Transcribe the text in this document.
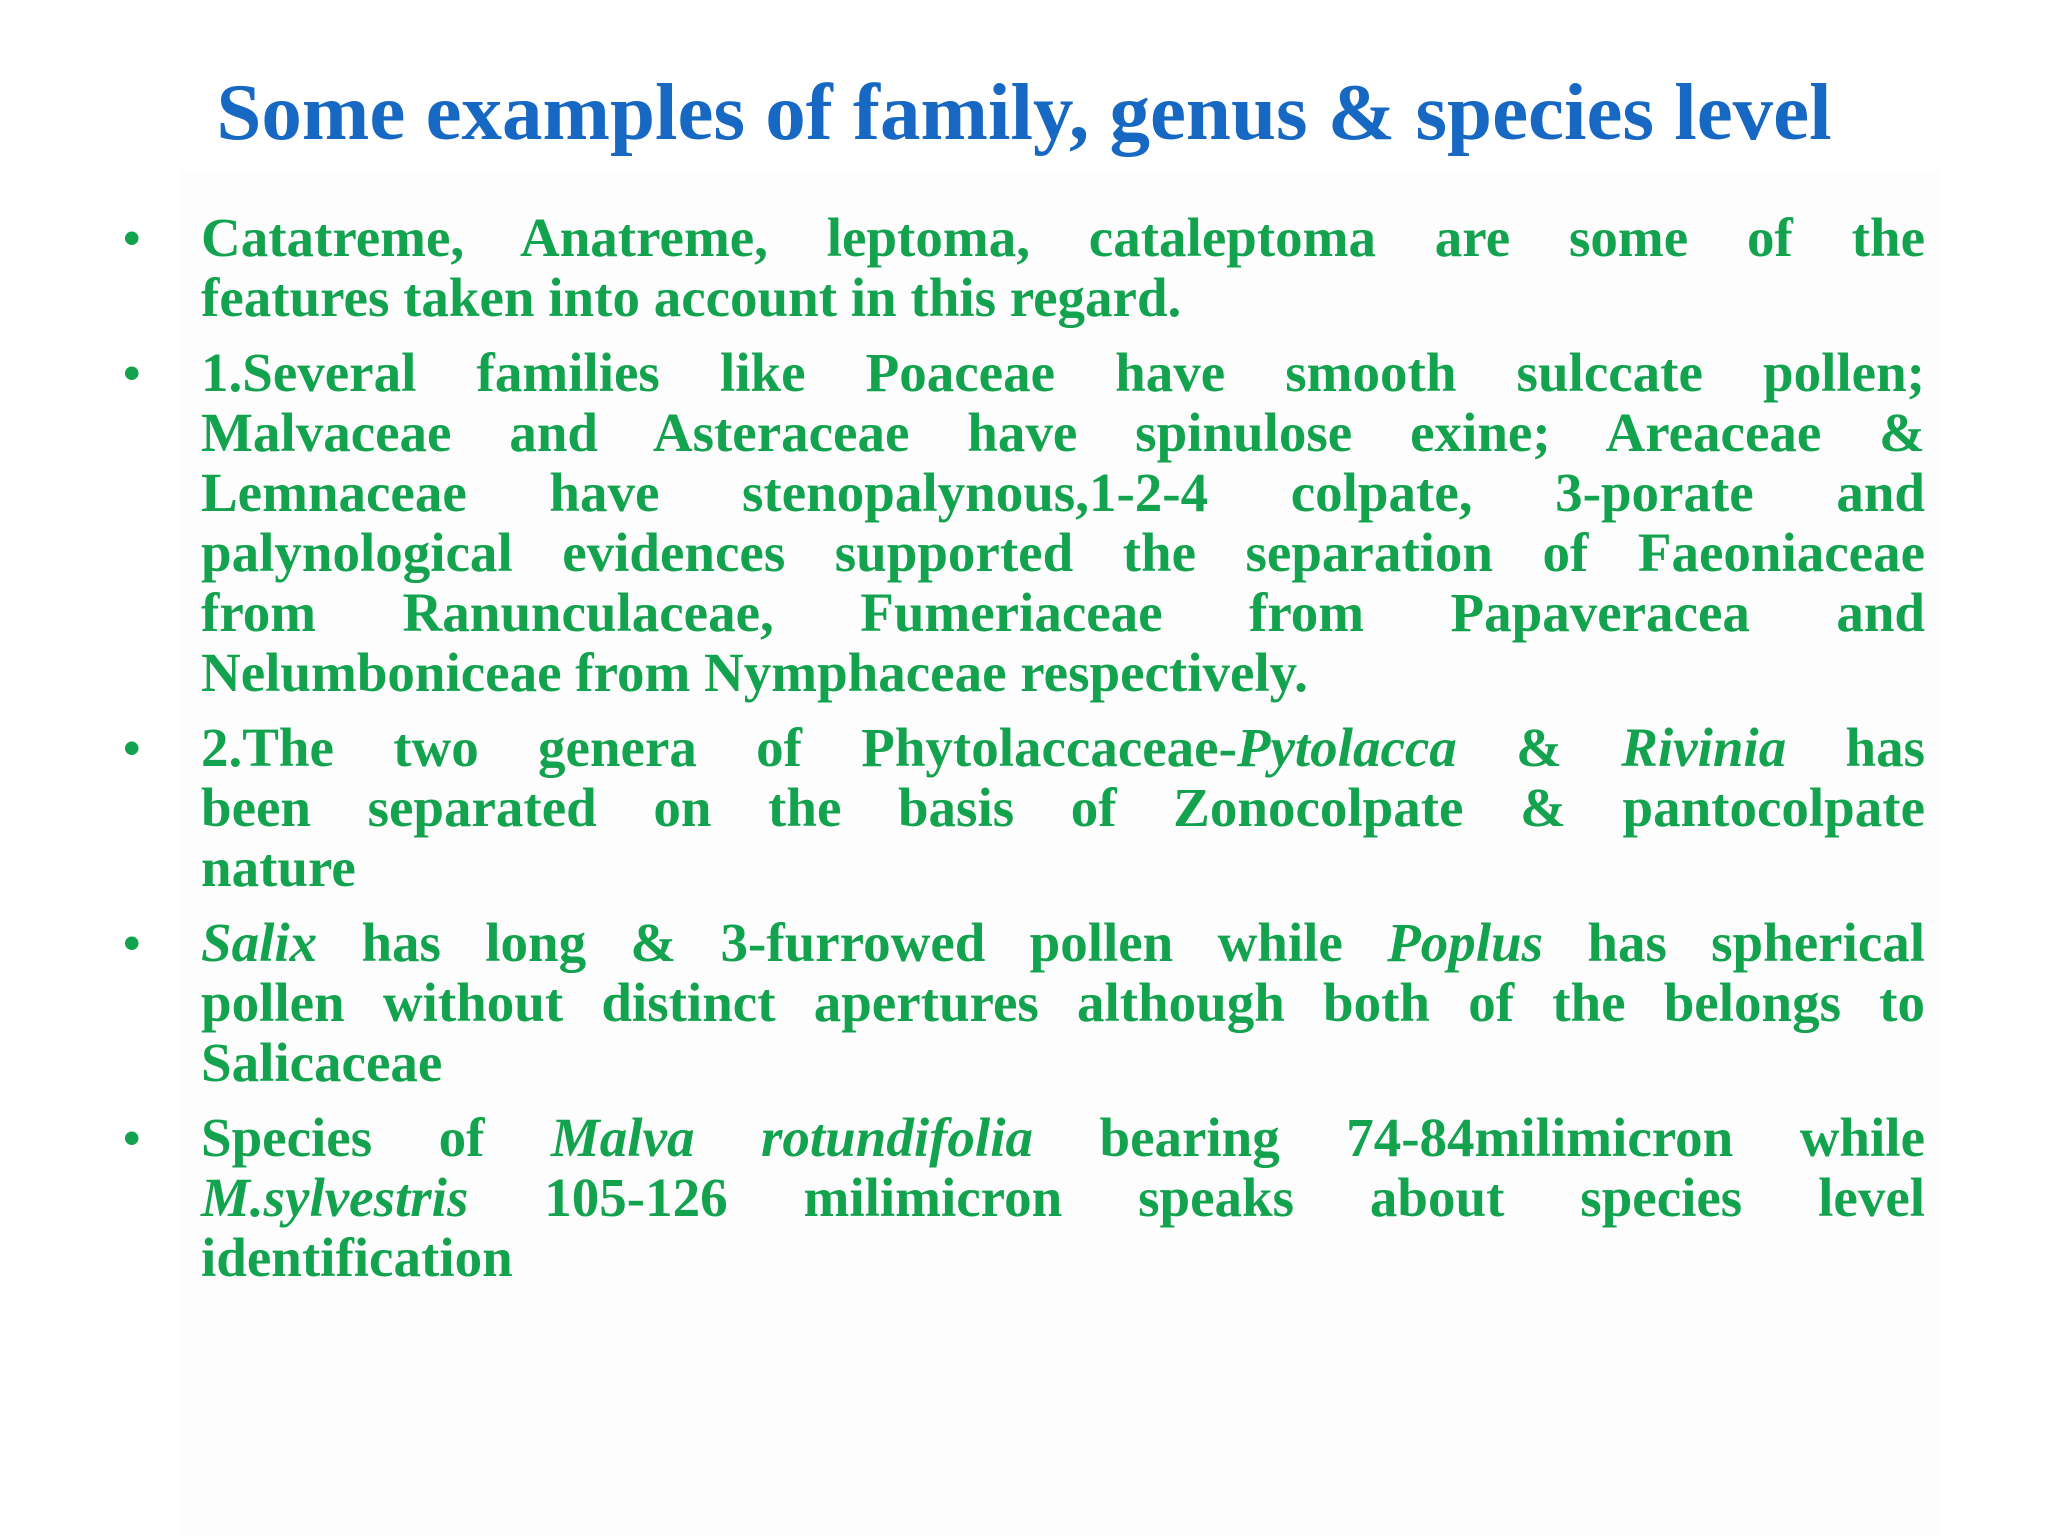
Some examples of family, genus & species level
• Catatreme, Anatreme, leptoma, cataleptoma are some of the
features taken into account in this regard.
• 1.Several families like Poaceae have smooth sulccate pollen;
Malvaceae and Asteraceae have spinulose exine; Areaceae &
Lemnaceae have stenopalynous,1-2-4 colpate, 3-porate and
palynological evidences supported the separation of Faeoniaceae
from Ranunculaceae, Fumeriaceae from Papaveracea and
Nelumboniceae from Nymphaceae respectively.
• 2.The two genera of Phytolaccaceae-Pytolacca & Rivinia has
been separated on the basis of Zonocolpate & pantocolpate
nature
• Salix has long & 3-furrowed pollen while Poplus has spherical
pollen without distinct apertures although both of the belongs to
Salicaceae
• Species of Malva rotundifolia bearing 74-84milimicron while
M.sylvestris 105-126 milimicron speaks about species level
identification
